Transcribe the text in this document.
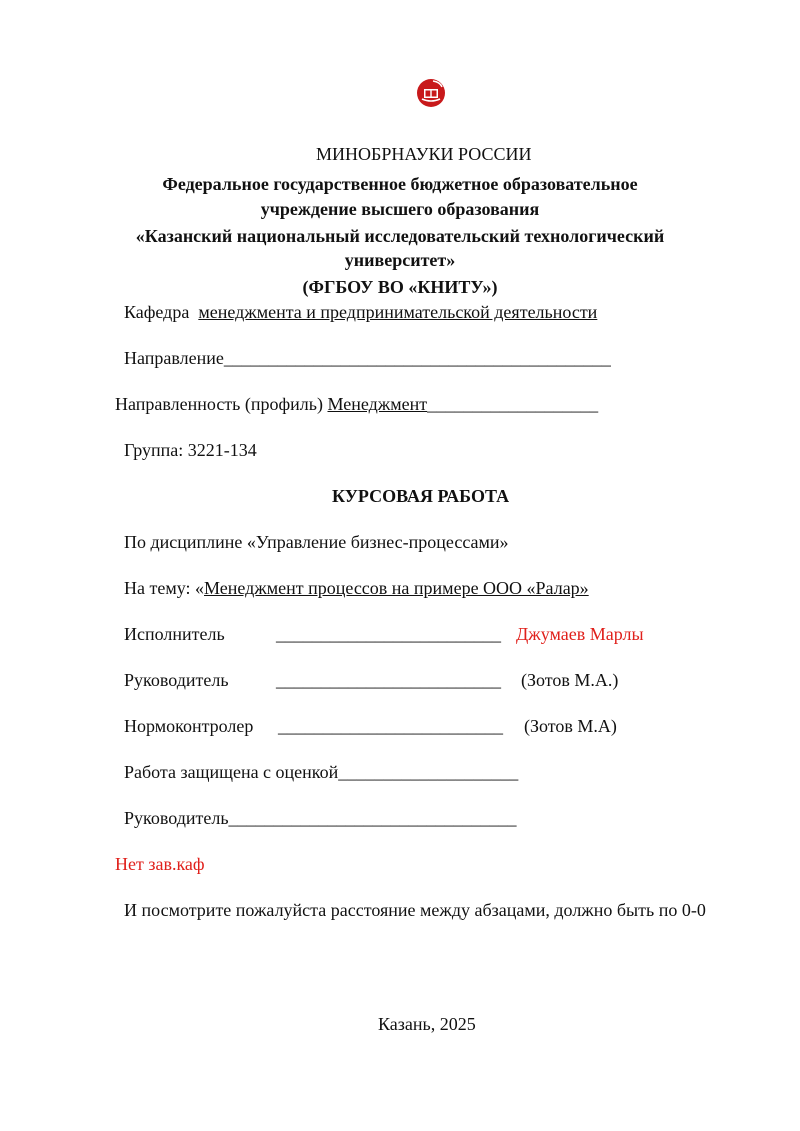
МИНОБРНАУКИ РОССИИ
Федеральное государственное бюджетное образовательное
учреждение высшего образования
«Казанский национальный исследовательский технологический
университет»
(ФГБОУ ВО «КНИТУ»)
Кафедра менеджмента и предпринимательской деятельности
Направление___________________________________________
Направленность (профиль) Менеджмент___________________
Группа: 3221-134
КУРСОВАЯ РАБОТА
По дисциплине «Управление бизнес-процессами»
На тему: «Менеджмент процессов на примере ООО «Ралар»
Исполнитель	_________________________ Джумаев Марлы
Руководитель	_________________________ (Зотов М.А.)
Нормоконтролер _________________________ (Зотов М.А)
Работа защищена с оценкой____________________
Руководитель________________________________
Нет зав.каф
И посмотрите пожалуйста расстояние между абзацами, должно быть по 0-0
Казань, 2025
